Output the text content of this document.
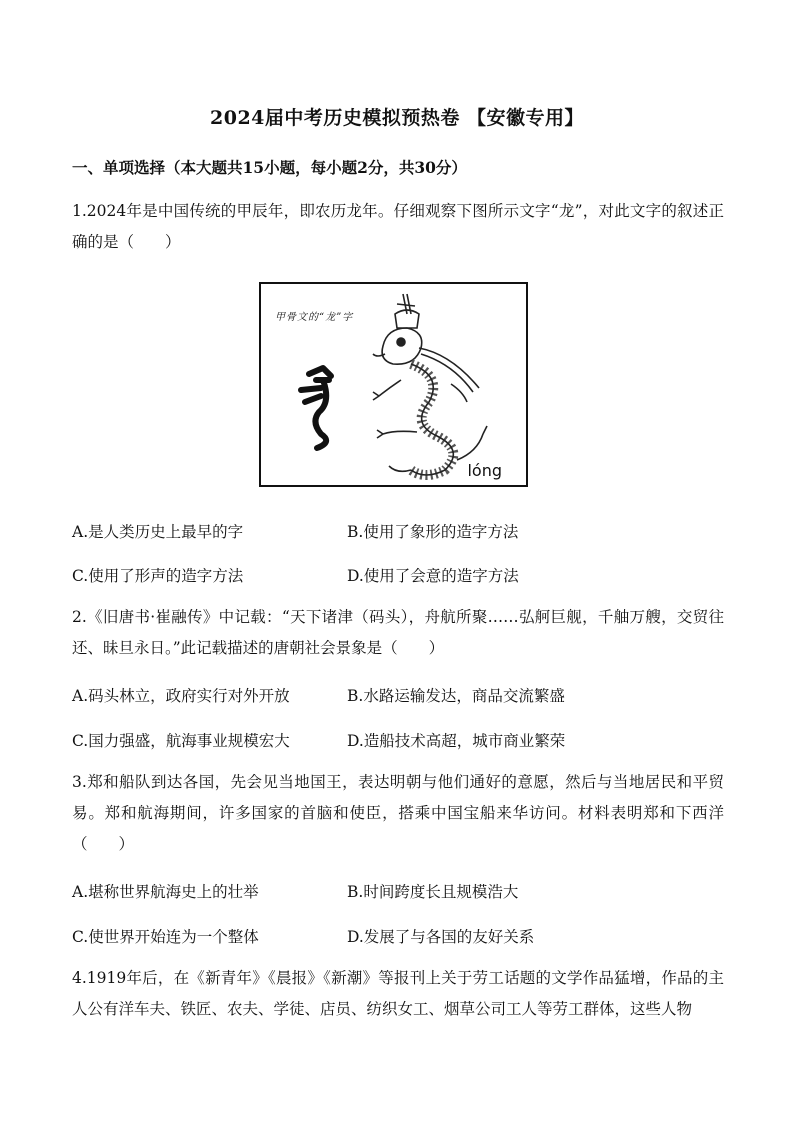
2024届中考历史模拟预热卷 【安徽专用】
一、单项选择（本大题共15小题，每小题2分，共30分）
1.2024年是中国传统的甲辰年，即农历龙年。仔细观察下图所示文字“龙”，对此文字的叙述正确的是（　　）
甲骨文的“龙”字
lóng
A.是人类历史上最早的字	B.使用了象形的造字方法
C.使用了形声的造字方法	D.使用了会意的造字方法
2.《旧唐书·崔融传》中记载：“天下诸津（码头），舟航所聚……弘舸巨舰，千舳万艘，交贸往还、昧旦永日。”此记载描述的唐朝社会景象是（　　）
A.码头林立，政府实行对外开放	B.水路运输发达，商品交流繁盛
C.国力强盛，航海事业规模宏大	D.造船技术高超，城市商业繁荣
3.郑和船队到达各国，先会见当地国王，表达明朝与他们通好的意愿，然后与当地居民和平贸易。郑和航海期间，许多国家的首脑和使臣，搭乘中国宝船来华访问。材料表明郑和下西洋（　　）
A.堪称世界航海史上的壮举	B.时间跨度长且规模浩大
C.使世界开始连为一个整体	D.发展了与各国的友好关系
4.1919年后，在《新青年》《晨报》《新潮》等报刊上关于劳工话题的文学作品猛增，作品的主人公有洋车夫、铁匠、农夫、学徒、店员、纺织女工、烟草公司工人等劳工群体，这些人物
